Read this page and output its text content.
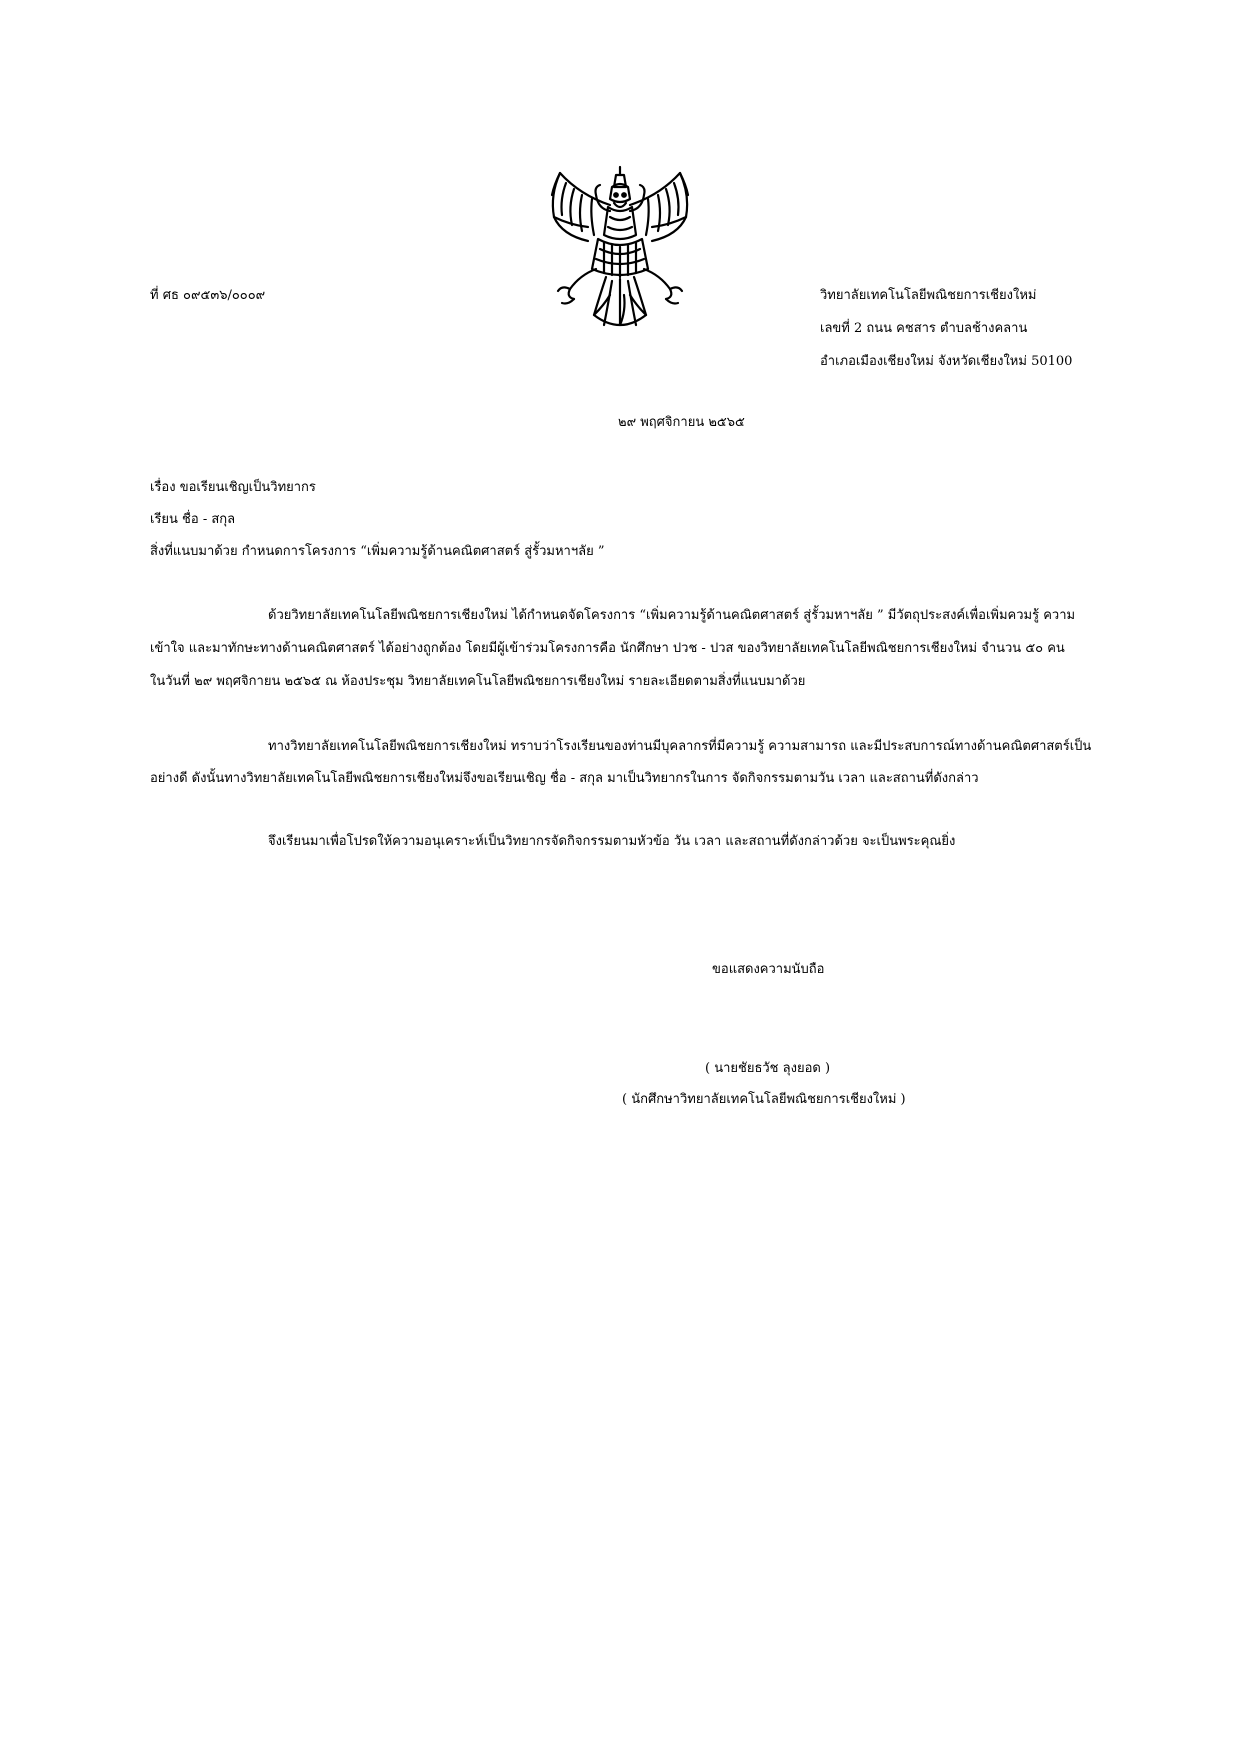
ที่ ศธ ๐๙๕๓๖/๐๐๐๙	วิทยาลัยเทคโนโลยีพณิชยการเชียงใหม่
เลขที่ 2 ถนน คชสาร ตำบลช้างคลาน
อำเภอเมืองเชียงใหม่ จังหวัดเชียงใหม่ 50100
๒๙ พฤศจิกายน ๒๕๖๕
เรื่อง ขอเรียนเชิญเป็นวิทยากร
เรียน ชื่อ - สกุล
สิ่งที่แนบมาด้วย กำหนดการโครงการ “เพิ่มความรู้ด้านคณิตศาสตร์ สู่รั้วมหาฯลัย ”
ด้วยวิทยาลัยเทคโนโลยีพณิชยการเชียงใหม่ ได้กำหนดจัดโครงการ “เพิ่มความรู้ด้านคณิตศาสตร์ สู่รั้วมหาฯลัย ” มีวัตถุประสงค์เพื่อเพิ่มควมรู้ ความ
เข้าใจ และมาทักษะทางด้านคณิตศาสตร์ ได้อย่างถูกต้อง โดยมีผู้เข้าร่วมโครงการคือ นักศึกษา ปวช - ปวส ของวิทยาลัยเทคโนโลยีพณิชยการเชียงใหม่ จำนวน ๕๐ คน
ในวันที่ ๒๙ พฤศจิกายน ๒๕๖๕ ณ ห้องประชุม วิทยาลัยเทคโนโลยีพณิชยการเชียงใหม่ รายละเอียดตามสิ่งที่แนบมาด้วย
ทางวิทยาลัยเทคโนโลยีพณิชยการเชียงใหม่ ทราบว่าโรงเรียนของท่านมีบุคลากรที่มีความรู้ ความสามารถ และมีประสบการณ์ทางด้านคณิตศาสตร์เป็น
อย่างดี ดังนั้นทางวิทยาลัยเทคโนโลยีพณิชยการเชียงใหม่จึงขอเรียนเชิญ ชื่อ - สกุล มาเป็นวิทยากรในการ จัดกิจกรรมตามวัน เวลา และสถานที่ดังกล่าว
จึงเรียนมาเพื่อโปรดให้ความอนุเคราะห์เป็นวิทยากรจัดกิจกรรมตามหัวข้อ วัน เวลา และสถานที่ดังกล่าวด้วย จะเป็นพระคุณยิ่ง
ขอแสดงความนับถือ
( นายชัยธวัช ลุงยอด )
( นักศึกษาวิทยาลัยเทคโนโลยีพณิชยการเชียงใหม่ )
